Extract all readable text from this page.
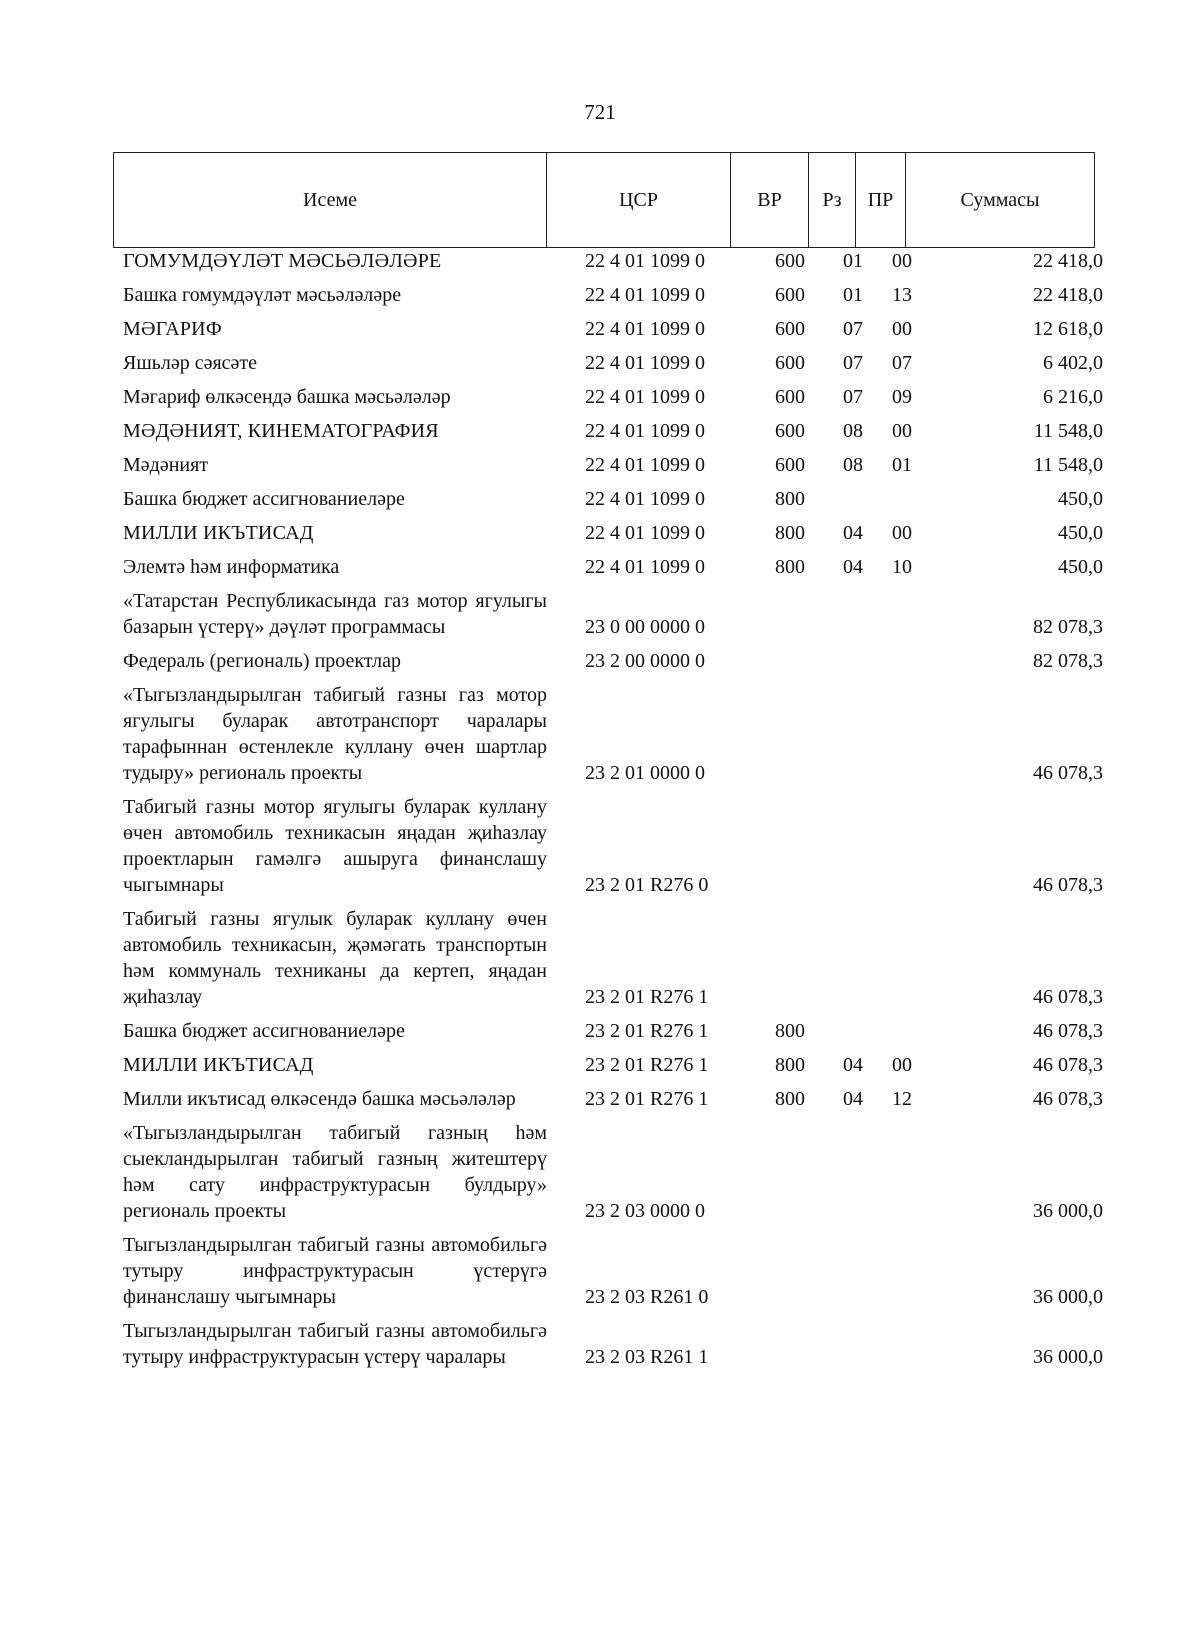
721
Исеме	ЦСР	ВР	Рз	ПР	Суммасы
ГОМУМДӘҮЛӘТ МӘСЬӘЛӘЛӘРЕ	22 4 01 1099 0	600	01	00	22 418,0
Башка гомумдәүләт мәсьәләләре	22 4 01 1099 0	600	01	13	22 418,0
МӘГАРИФ	22 4 01 1099 0	600	07	00	12 618,0
Яшьләр сәясәте	22 4 01 1099 0	600	07	07	6 402,0
Мәгариф өлкәсендә башка мәсьәләләр	22 4 01 1099 0	600	07	09	6 216,0
МӘДӘНИЯТ, КИНЕМАТОГРАФИЯ	22 4 01 1099 0	600	08	00	11 548,0
Мәдәният	22 4 01 1099 0	600	08	01	11 548,0
Башка бюджет ассигнованиеләре	22 4 01 1099 0	800			450,0
МИЛЛИ ИКЪТИСАД	22 4 01 1099 0	800	04	00	450,0
Элемтә һәм информатика	22 4 01 1099 0	800	04	10	450,0
«Татарстан Республикасында газ мотор ягулыгы базарын үстерү» дәүләт программасы	23 0 00 0000 0				82 078,3
Федераль (региональ) проектлар	23 2 00 0000 0				82 078,3
«Тыгызландырылган табигый газны газ мотор ягулыгы буларак автотранспорт чаралары тарафыннан өстенлекле куллану өчен шартлар тудыру» региональ проекты	23 2 01 0000 0				46 078,3
Табигый газны мотор ягулыгы буларак куллану өчен автомобиль техникасын яңадан җиһазлау проектларын гамәлгә ашыруга финанслашу чыгымнары	23 2 01 R276 0				46 078,3
Табигый газны ягулык буларак куллану өчен автомобиль техникасын, җәмәгать транспортын һәм коммуналь техниканы да кертеп, яңадан җиһазлау	23 2 01 R276 1				46 078,3
Башка бюджет ассигнованиеләре	23 2 01 R276 1	800			46 078,3
МИЛЛИ ИКЪТИСАД	23 2 01 R276 1	800	04	00	46 078,3
Милли икътисад өлкәсендә башка мәсьәләләр	23 2 01 R276 1	800	04	12	46 078,3
«Тыгызландырылган табигый газның һәм сыекландырылган табигый газның житештерү һәм сату инфраструктурасын булдыру» региональ проекты	23 2 03 0000 0				36 000,0
Тыгызландырылган табигый газны автомобильгә тутыру инфраструктурасын үстерүгә финанслашу чыгымнары	23 2 03 R261 0				36 000,0
Тыгызландырылган табигый газны автомобильгә тутыру инфраструктурасын үстерү чаралары	23 2 03 R261 1				36 000,0
